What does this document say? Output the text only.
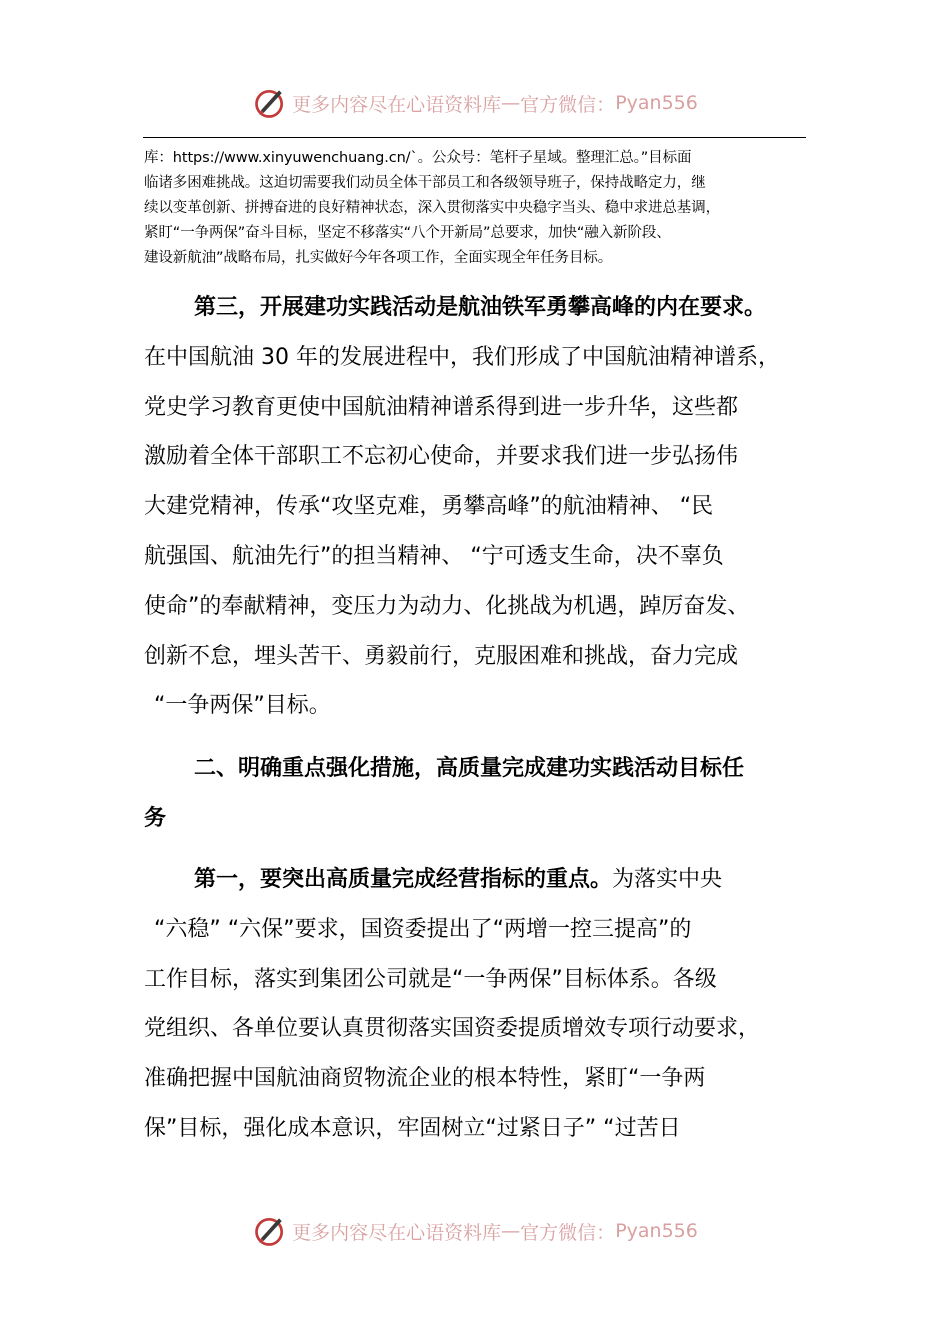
更多内容尽在心语资料库 — 官方微信： Pyan556
库：https://www.xinyuwenchuang.cn/`。公众号：笔杆子星域。整理汇总。”目标面
临诸多困难挑战。这迫切需要我们动员全体干部员工和各级领导班子，保持战略定力，继
续以变革创新、拼搏奋进的良好精神状态，深入贯彻落实中央稳字当头、稳中求进总基调，
紧盯“一争两保”奋斗目标，坚定不移落实“八个开新局”总要求，加快“融入新阶段、
建设新航油”战略布局，扎实做好今年各项工作，全面实现全年任务目标。
第三，开展建功实践活动是航油铁军勇攀高峰的内在要求。
在中国航油 30 年的发展进程中，我们形成了中国航油精神谱系，
党史学习教育更使中国航油精神谱系得到进一步升华，这些都
激励着全体干部职工不忘初心使命，并要求我们进一步弘扬伟
大建党精神，传承“攻坚克难，勇攀高峰”的航油精神、 “民
航强国、航油先行”的担当精神、 “宁可透支生命，决不辜负
使命”的奉献精神，变压力为动力、化挑战为机遇，踔厉奋发、
创新不怠，埋头苦干、勇毅前行，克服困难和挑战，奋力完成
“一争两保”目标。
二、明确重点强化措施，高质量完成建功实践活动目标任
务
第一，要突出高质量完成经营指标的重点。为落实中央
“六稳” “六保”要求，国资委提出了“两增一控三提高”的
工作目标，落实到集团公司就是“一争两保”目标体系。各级
党组织、各单位要认真贯彻落实国资委提质增效专项行动要求，
准确把握中国航油商贸物流企业的根本特性，紧盯“一争两
保”目标，强化成本意识，牢固树立“过紧日子” “过苦日
更多内容尽在心语资料库 — 官方微信： Pyan556
